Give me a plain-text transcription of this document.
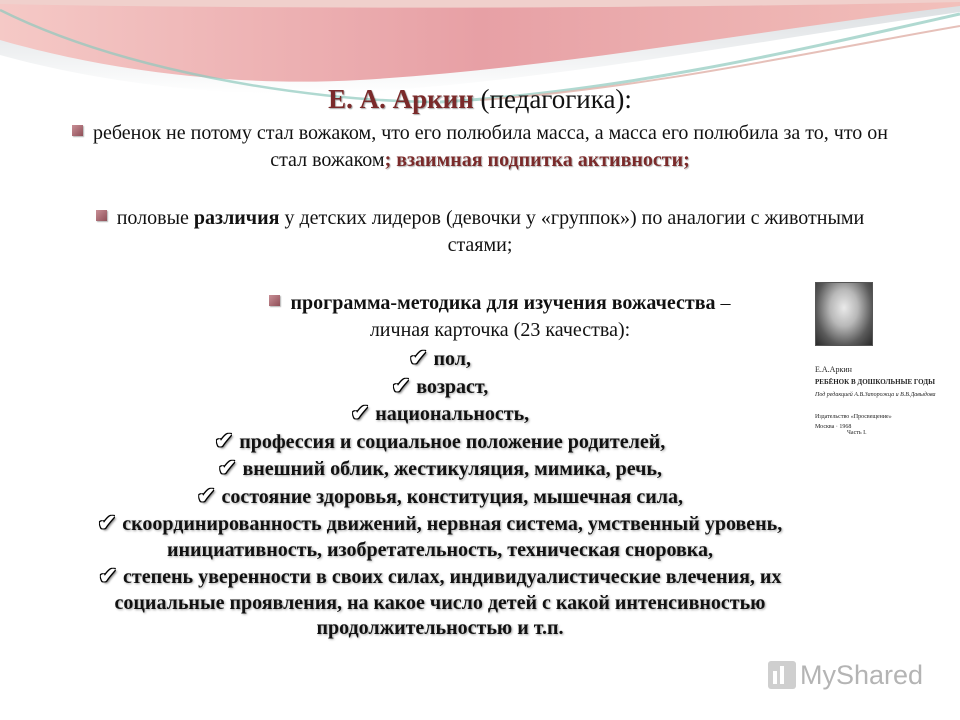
Е. А. Аркин (педагогика):
ребенок не потому стал вожаком, что его полюбила масса, а масса его полюбила за то, что он стал вожаком; взаимная подпитка активности;
половые различия у детских лидеров (девочки у «группок») по аналогии с животными стаями;
программа-методика для изучения вожачества –
личная карточка (23 качества):
✔ пол,
✔ возраст,
✔ национальность,
✔ профессия и социальное положение родителей,
✔ внешний облик, жестикуляция, мимика, речь,
✔ состояние здоровья, конституция, мышечная сила,
✔ скоординированность движений, нервная система, умственный уровень, инициативность, изобретательность, техническая сноровка,
✔ степень уверенности в своих силах, индивидуалистические влечения, их социальные проявления, на какое число детей с какой интенсивностью продолжительностью и т.п.
Е.А.Аркин
РЕБЁНОК В ДОШКОЛЬНЫЕ ГОДЫ
Под редакцией А.В.Запорожца и В.В.Давыдова
Издательство «Просвещение»
Москва · 1968
Часть I.
MyShared
